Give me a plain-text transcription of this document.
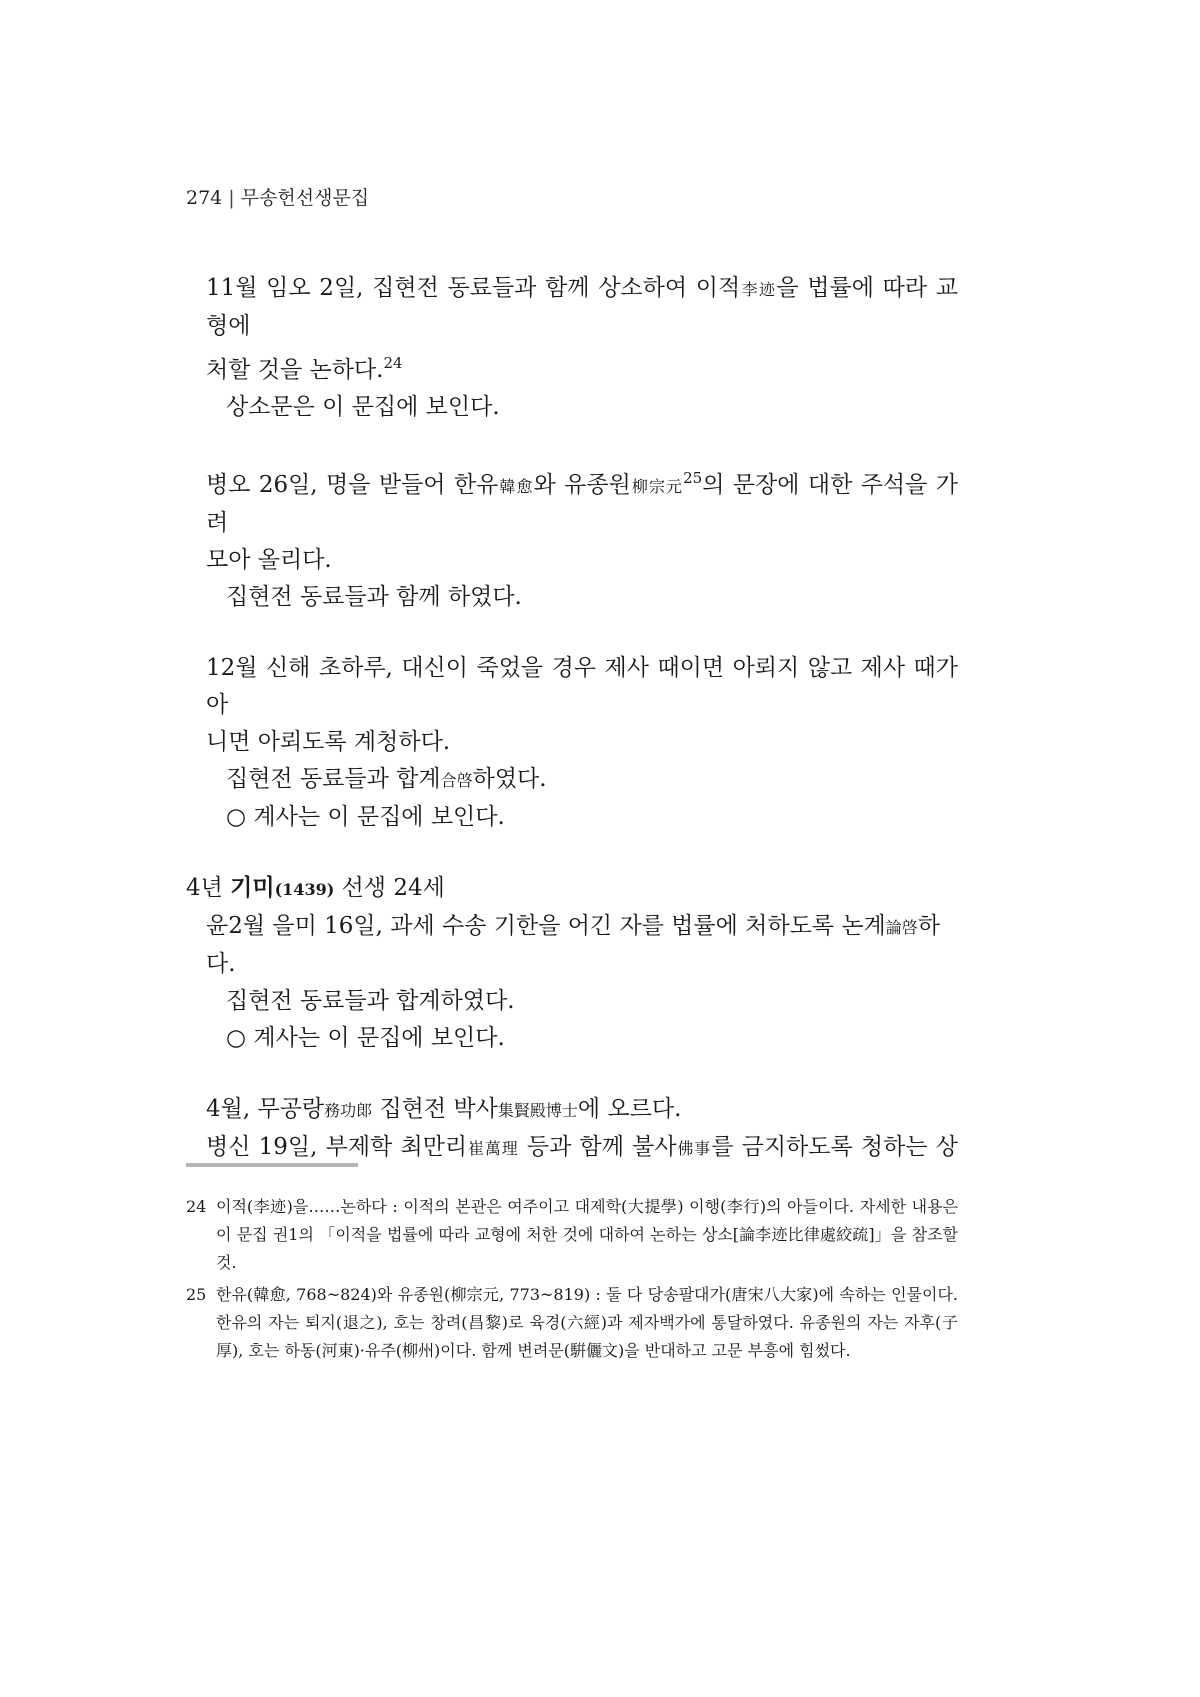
274 | 무송헌선생문집

11월 임오 2일, 집현전 동료들과 함께 상소하여 이적李迹을 법률에 따라 교형에

처할 것을 논하다.$^{24}$

상소문은 이 문집에 보인다.

병오 26일, 명을 받들어 한유韓愈와 유종원柳宗元$^{25}$의 문장에 대한 주석을 가려

모아 올리다.

집현전 동료들과 함께 하였다.

12월 신해 초하루, 대신이 죽었을 경우 제사 때이면 아뢰지 않고 제사 때가 아

니면 아뢰도록 계청하다.

집현전 동료들과 합계合啓하였다.

○ 계사는 이 문집에 보인다.

4년 기미(1439) 선생 24세

윤2월 을미 16일, 과세 수송 기한을 어긴 자를 법률에 처하도록 논계論啓하다.

집현전 동료들과 합계하였다.

○ 계사는 이 문집에 보인다.

4월, 무공랑務功郞 집현전 박사集賢殿博士에 오르다.

병신 19일, 부제학 최만리崔萬理 등과 함께 불사佛事를 금지하도록 청하는 상

24 이적(李迹)을……논하다 : 이적의 본관은 여주이고 대제학(大提學) 이행(李行)의 아들이다. 자세한 내용은 이 문집 권1의 「이적을 법률에 따라 교형에 처한 것에 대하여 논하는 상소[論李迹比律處絞疏]」을 참조할 것.

25 한유(韓愈, 768~824)와 유종원(柳宗元, 773~819) : 둘 다 당송팔대가(唐宋八大家)에 속하는 인물이다. 한유의 자는 퇴지(退之), 호는 창려(昌黎)로 육경(六經)과 제자백가에 통달하였다. 유종원의 자는 자후(子厚), 호는 하동(河東)·유주(柳州)이다. 함께 변려문(騈儷文)을 반대하고 고문 부흥에 힘썼다.
